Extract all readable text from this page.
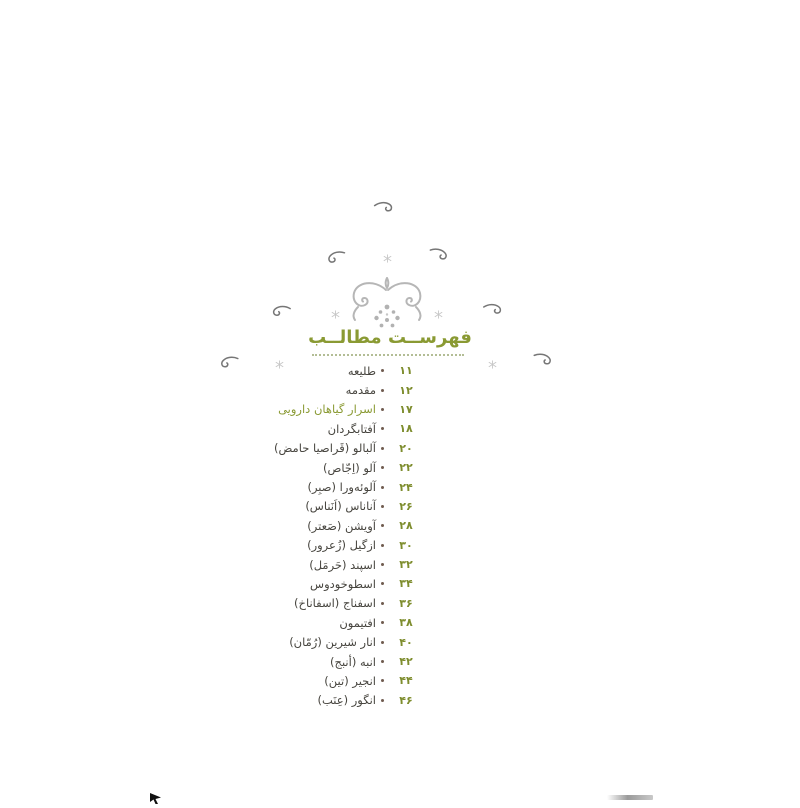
فهرســت مطالــب
۱۱
طلیعه
۱۲
مقدمه
۱۷
اسرار گیاهان دارویی
۱۸
آفتابگردان
۲۰
آلبالو (قَراصیا حامض)
۲۲
آلو (اِجّاص)
۲۴
آلوئه‌ورا (صبِر)
۲۶
آناناس (اَنَناس)
۲۸
آویشن (صَعتر)
۳۰
ازگیل (زُعرور)
۳۲
اسپند (حَرمَل)
۳۴
اسطوخودوس
۳۶
اسفناج (اسفاناخ)
۳۸
افتیمون
۴۰
انار شیرین (رُمّان)
۴۲
انبه (أنبج)
۴۴
انجیر (تین)
۴۶
انگور (عِنَب)
